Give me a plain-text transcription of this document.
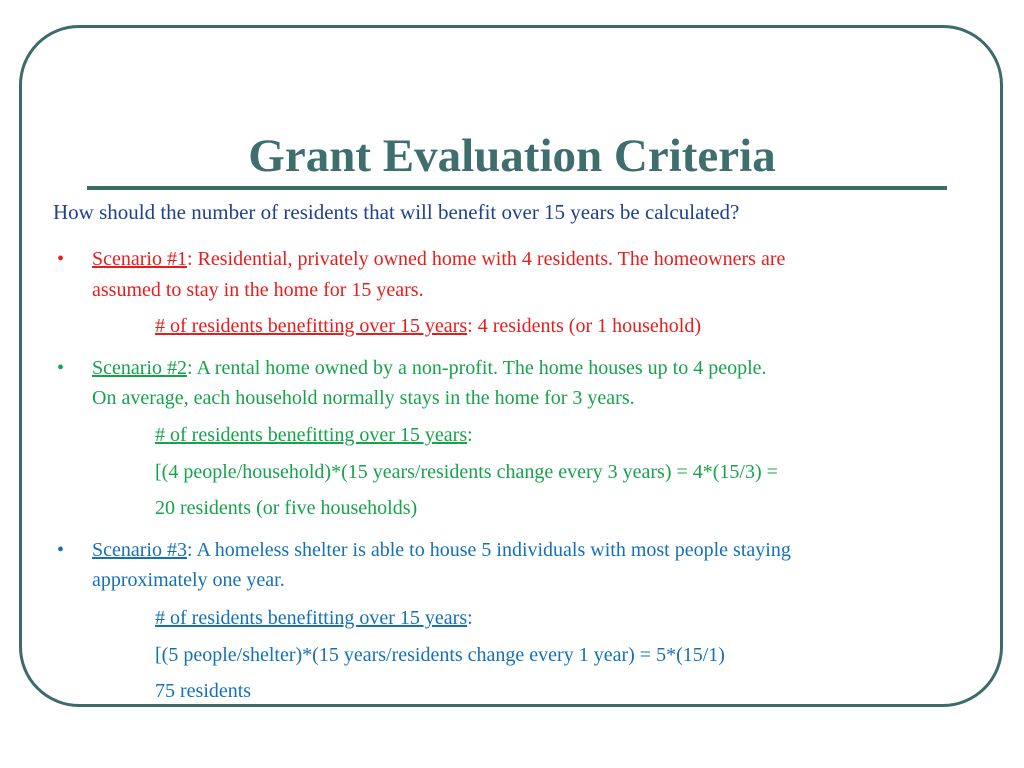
Grant Evaluation Criteria
How should the number of residents that will benefit over 15 years be calculated?
• Scenario #1: Residential, privately owned home with 4 residents. The homeowners are
assumed to stay in the home for 15 years.
# of residents benefitting over 15 years: 4 residents (or 1 household)
• Scenario #2: A rental home owned by a non-profit. The home houses up to 4 people.
On average, each household normally stays in the home for 3 years.
# of residents benefitting over 15 years:
[(4 people/household)*(15 years/residents change every 3 years) = 4*(15/3) =
20 residents (or five households)
• Scenario #3: A homeless shelter is able to house 5 individuals with most people staying
approximately one year.
# of residents benefitting over 15 years:
[(5 people/shelter)*(15 years/residents change every 1 year) = 5*(15/1)
75 residents
